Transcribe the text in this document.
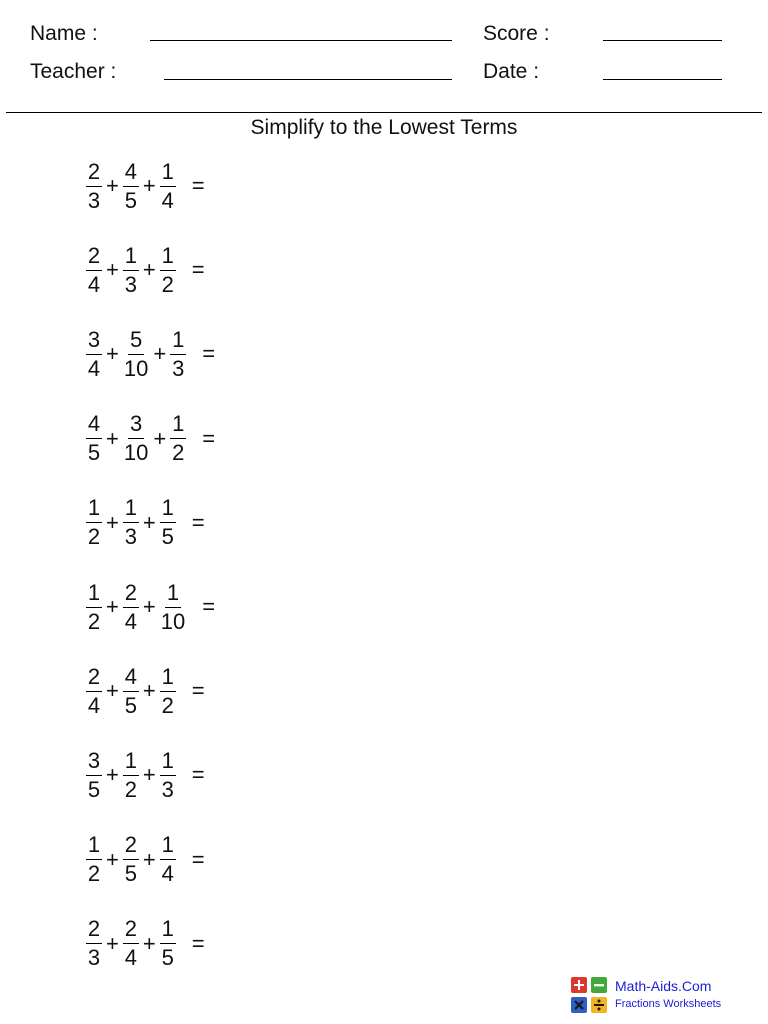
Name :
Teacher :
Score :
Date :
Simplify to the Lowest Terms
$\frac{2}{3} + \frac{4}{5} + \frac{1}{4}$ =
$\frac{2}{4} + \frac{1}{3} + \frac{1}{2}$ =
$\frac{3}{4} + \frac{5}{10} + \frac{1}{3}$ =
$\frac{4}{5} + \frac{3}{10} + \frac{1}{2}$ =
$\frac{1}{2} + \frac{1}{3} + \frac{1}{5}$ =
$\frac{1}{2} + \frac{2}{4} + \frac{1}{10}$ =
$\frac{2}{4} + \frac{4}{5} + \frac{1}{2}$ =
$\frac{3}{5} + \frac{1}{2} + \frac{1}{3}$ =
$\frac{1}{2} + \frac{2}{5} + \frac{1}{4}$ =
$\frac{2}{3} + \frac{2}{4} + \frac{1}{5}$ =
Math-Aids.Com
Fractions Worksheets
